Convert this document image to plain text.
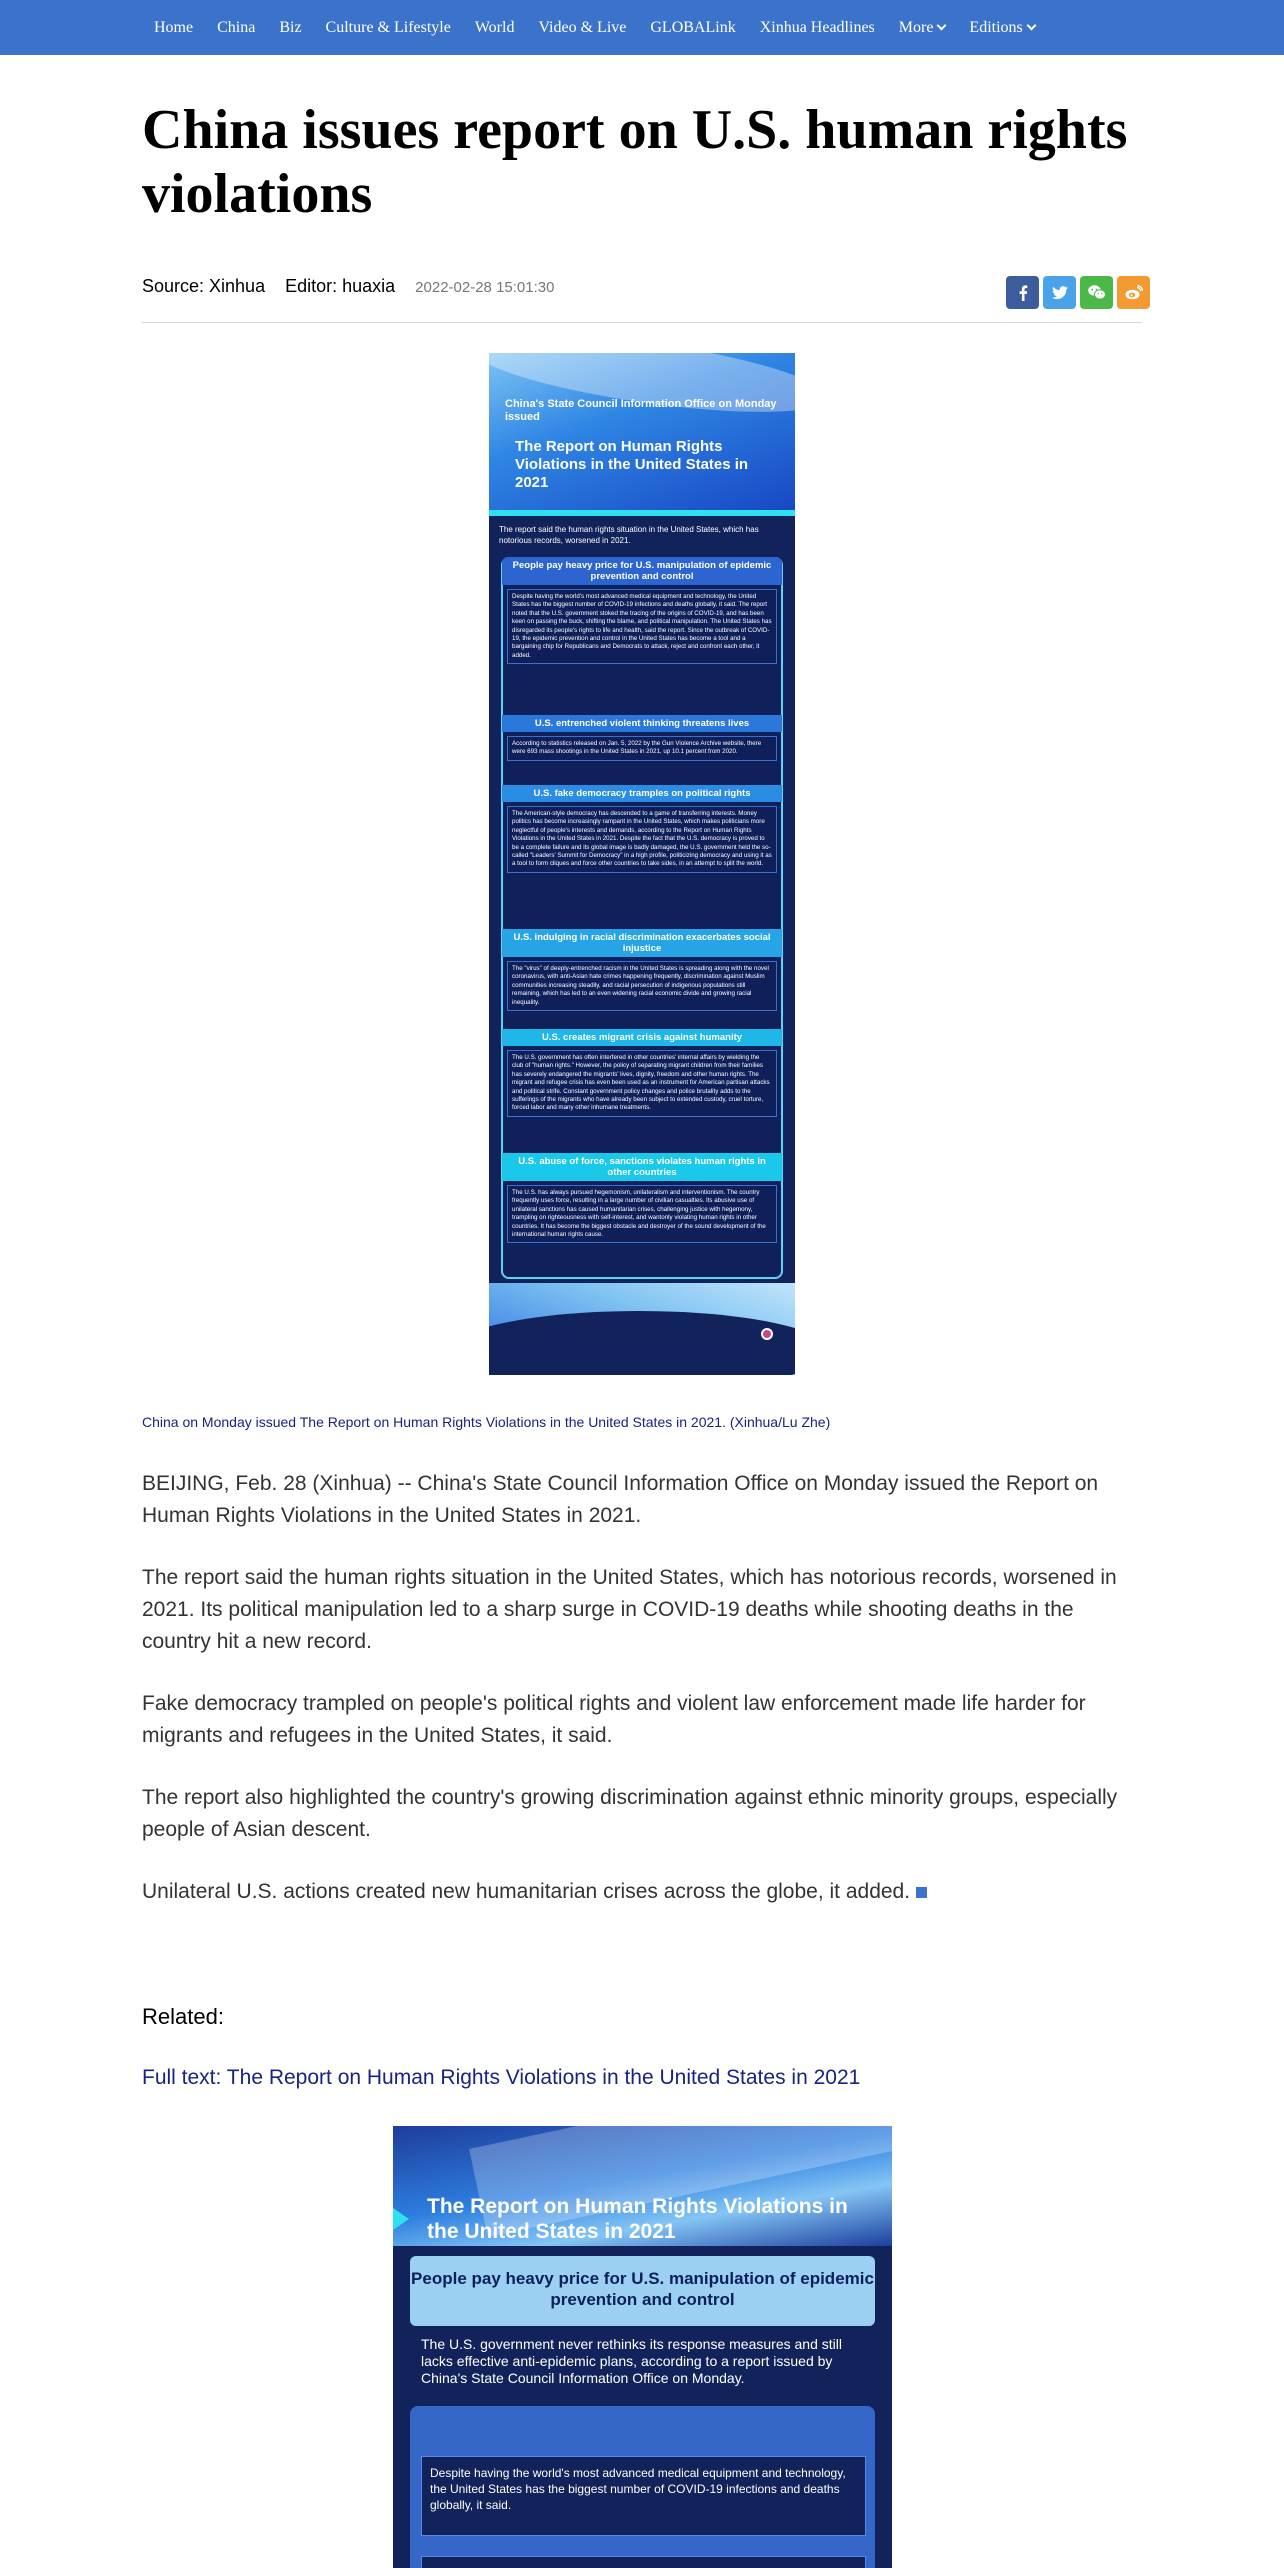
Home China Biz Culture & Lifestyle World Video & Live GLOBALink Xinhua Headlines More Editions
China issues report on U.S. human rights violations
Source: Xinhua Editor: huaxia 2022-02-28 15:01:30
China's State Council Information Office on Monday issued
The Report on Human Rights Violations in the United States in 2021
The report said the human rights situation in the United States, which has notorious records, worsened in 2021.
People pay heavy price for U.S. manipulation of epidemic prevention and control
Despite having the world's most advanced medical equipment and technology, the United States has the biggest number of COVID-19 infections and deaths globally, it said. The report noted that the U.S. government stoked the tracing of the origins of COVID-19, and has been keen on passing the buck, shifting the blame, and political manipulation. The United States has disregarded its people's rights to life and health, said the report. Since the outbreak of COVID-19, the epidemic prevention and control in the United States has become a tool and a bargaining chip for Republicans and Democrats to attack, reject and confront each other, it added.
U.S. entrenched violent thinking threatens lives
According to statistics released on Jan. 5, 2022 by the Gun Violence Archive website, there were 693 mass shootings in the United States in 2021, up 10.1 percent from 2020.
U.S. fake democracy tramples on political rights
The American-style democracy has descended to a game of transferring interests. Money politics has become increasingly rampant in the United States, which makes politicians more neglectful of people's interests and demands, according to the Report on Human Rights Violations in the United States in 2021. Despite the fact that the U.S. democracy is proved to be a complete failure and its global image is badly damaged, the U.S. government held the so-called "Leaders' Summit for Democracy" in a high profile, politicizing democracy and using it as a tool to form cliques and force other countries to take sides, in an attempt to split the world.
U.S. indulging in racial discrimination exacerbates social injustice
The "virus" of deeply-entrenched racism in the United States is spreading along with the novel coronavirus, with anti-Asian hate crimes happening frequently, discrimination against Muslim communities increasing steadily, and racial persecution of indigenous populations still remaining, which has led to an even widening racial economic divide and growing racial inequality.
U.S. creates migrant crisis against humanity
The U.S. government has often interfered in other countries' internal affairs by wielding the club of "human rights." However, the policy of separating migrant children from their families has severely endangered the migrants' lives, dignity, freedom and other human rights. The migrant and refugee crisis has even been used as an instrument for American partisan attacks and political strife. Constant government policy changes and police brutality adds to the sufferings of the migrants who have already been subject to extended custody, cruel torture, forced labor and many other inhumane treatments.
U.S. abuse of force, sanctions violates human rights in other countries
The U.S. has always pursued hegemonism, unilateralism and interventionism. The country frequently uses force, resulting in a large number of civilian casualties. Its abusive use of unilateral sanctions has caused humanitarian crises, challenging justice with hegemony, trampling on righteousness with self-interest, and wantonly violating human rights in other countries. It has become the biggest obstacle and destroyer of the sound development of the international human rights cause.
China on Monday issued The Report on Human Rights Violations in the United States in 2021. (Xinhua/Lu Zhe)

BEIJING, Feb. 28 (Xinhua) -- China's State Council Information Office on Monday issued the Report on Human Rights Violations in the United States in 2021.

The report said the human rights situation in the United States, which has notorious records, worsened in 2021. Its political manipulation led to a sharp surge in COVID-19 deaths while shooting deaths in the country hit a new record.

Fake democracy trampled on people's political rights and violent law enforcement made life harder for migrants and refugees in the United States, it said.

The report also highlighted the country's growing discrimination against ethnic minority groups, especially people of Asian descent.

Unilateral U.S. actions created new humanitarian crises across the globe, it added.

Related:
Full text: The Report on Human Rights Violations in the United States in 2021
The Report on Human Rights Violations in the United States in 2021
People pay heavy price for U.S. manipulation of epidemic prevention and control
The U.S. government never rethinks its response measures and still lacks effective anti-epidemic plans, according to a report issued by China's State Council Information Office on Monday.
Despite having the world's most advanced medical equipment and technology, the United States has the biggest number of COVID-19 infections and deaths globally, it said.
